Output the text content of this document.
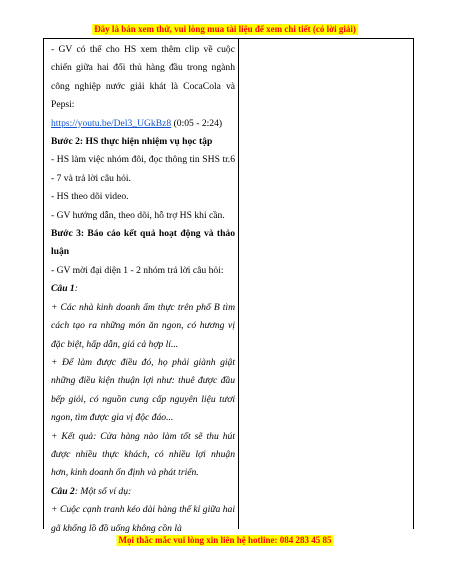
Đây là bản xem thử, vui lòng mua tài liệu để xem chi tiết (có lời giải)

- GV có thể cho HS xem thêm clip về cuộc chiến giữa hai đối thủ hàng đầu trong ngành công nghiệp nước giải khát là CocaCola và Pepsi:

https://youtu.be/Del3_UGkBz8 (0:05 - 2:24)

Bước 2: HS thực hiện nhiệm vụ học tập

- HS làm việc nhóm đôi, đọc thông tin SHS tr.6 - 7 và trả lời câu hỏi.

- HS theo dõi video.

- GV hướng dẫn, theo dõi, hỗ trợ HS khi cần.

Bước 3: Báo cáo kết quả hoạt động và thảo luận

- GV mời đại diện 1 - 2 nhóm trả lời câu hỏi:

Câu 1:

+ Các nhà kinh doanh ẩm thực trên phố B tìm cách tạo ra những món ăn ngon, có hương vị đặc biệt, hấp dẫn, giá cả hợp lí...

+ Để làm được điều đó, họ phải giành giật những điều kiện thuận lợi như: thuê được đầu bếp giỏi, có nguồn cung cấp nguyên liệu tươi ngon, tìm được gia vị độc đáo...

+ Kết quả: Cửa hàng nào làm tốt sẽ thu hút được nhiều thực khách, có nhiều lợi nhuận hơn, kinh doanh ổn định và phát triển.

Câu 2: Một số ví dụ:

+ Cuộc cạnh tranh kéo dài hàng thế kỉ giữa hai gã khổng lồ đồ uống không cồn là

Mọi thắc mắc vui lòng xin liên hệ hotline: 084 283 45 85
